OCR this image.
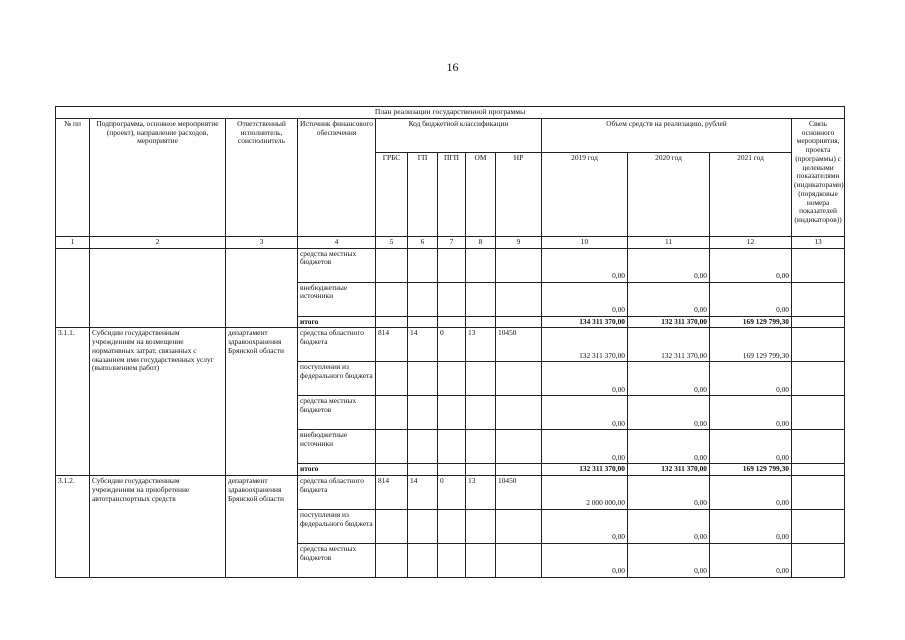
16
План реализации государственной программы												
№ пп	Подпрограмма, основное мероприятие (проект), направление расходов, мероприятие	Ответственный исполнитель, соисполнитель	Источник финансового обеспечения	Код бюджетной классификации					Объем средств на реализацию, рублей			Связь основного мероприятия, проекта (программы) с целевыми показателями (индикаторами) (порядковые номера показателей (индикаторов))
				ГРБС	ГП	ПГП	ОМ	НР	2019 год	2020 год	2021 год	
1	2	3	4	5	6	7	8	9	10	11	12	13
			средства местных бюджетов						0,00	0,00	0,00	
			внебюджетные источники						0,00	0,00	0,00	
			итого						134 311 370,00	132 311 370,00	169 129 799,30	
3.1.1.	Субсидии государственным учреждениям на возмещение нормативных затрат, связанных с оказанием ими государственных услуг (выполнением работ)	департамент здравоохранения Брянской области	средства областного бюджета	814	14	0	13	10450	132 311 370,00	132 311 370,00	169 129 799,30	
			поступления из федерального бюджета						0,00	0,00	0,00	
			средства местных бюджетов						0,00	0,00	0,00	
			внебюджетные источники						0,00	0,00	0,00	
			итого						132 311 370,00	132 311 370,00	169 129 799,30	
3.1.2.	Субсидии государственным учреждениям на приобретение автотранспортных средств	департамент здравоохранения Брянской области	средства областного бюджета	814	14	0	13	10450	2 000 000,00	0,00	0,00	
			поступления из федерального бюджета						0,00	0,00	0,00	
			средства местных бюджетов						0,00	0,00	0,00	
